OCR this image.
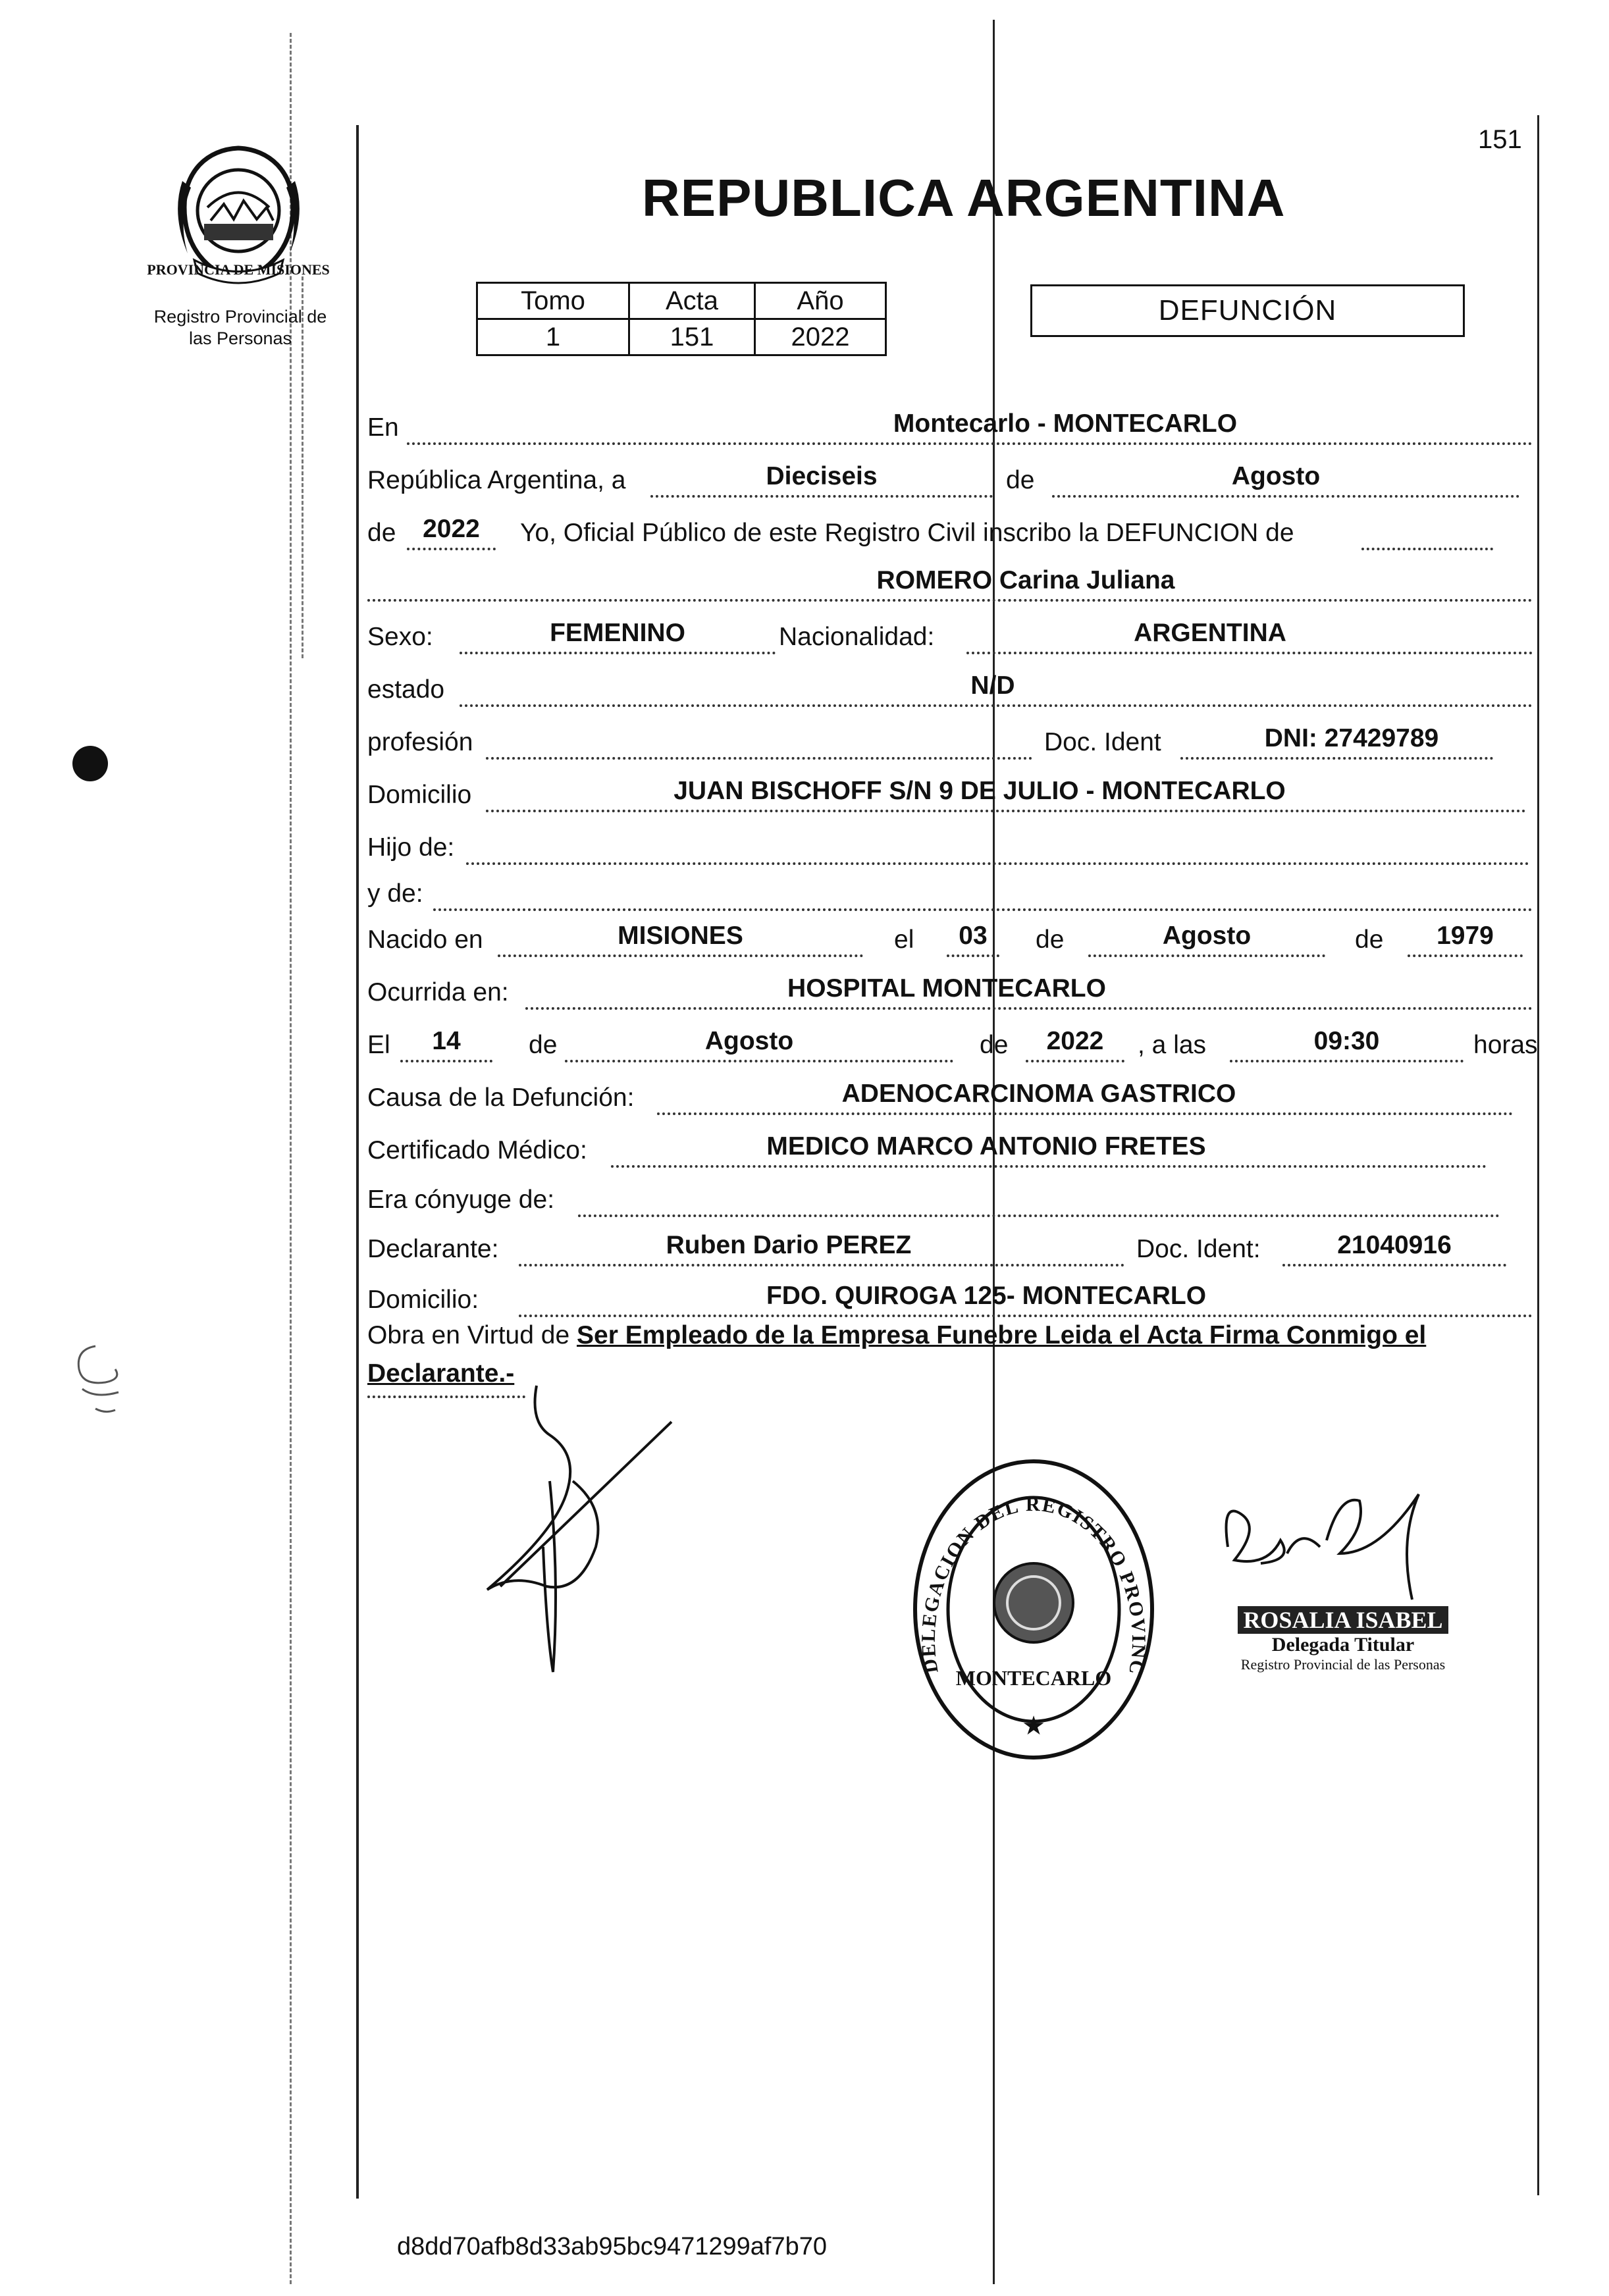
151
REPUBLICA ARGENTINA
PROVINCIA DE MISIONES
Registro Provincial de
las Personas
Tomo	Acta	Año
1	151	2022
DEFUNCIÓN
En	Montecarlo - MONTECARLO
República Argentina, a	Dieciseis	de	Agosto
de	2022	Yo, Oficial Público de este Registro Civil inscribo la DEFUNCION de
ROMERO Carina Juliana
Sexo:	FEMENINO	Nacionalidad:	ARGENTINA
estado	N/D
profesión	Doc. Ident	DNI: 27429789
Domicilio	JUAN BISCHOFF S/N 9 DE JULIO - MONTECARLO
Hijo de:
y de:
Nacido en	MISIONES	el	03	de	Agosto	de	1979
Ocurrida en:	HOSPITAL MONTECARLO
El	14	de	Agosto	de	2022	, a las	09:30	horas
Causa de la Defunción:	ADENOCARCINOMA GASTRICO
Certificado Médico:	MEDICO MARCO ANTONIO FRETES
Era cónyuge de:
Declarante:	Ruben Dario PEREZ	Doc. Ident:	21040916
Domicilio:	FDO. QUIROGA 125- MONTECARLO
Obra en Virtud de Ser Empleado de la Empresa Funebre Leida el Acta Firma Conmigo el Declarante.-
DELEGACION DEL REGISTRO PROVINCIAL DE LAS PERSONAS
MONTECARLO
★
ROSALIA ISABEL
Delegada Titular
Registro Provincial de las Personas
d8dd70afb8d33ab95bc9471299af7b70
